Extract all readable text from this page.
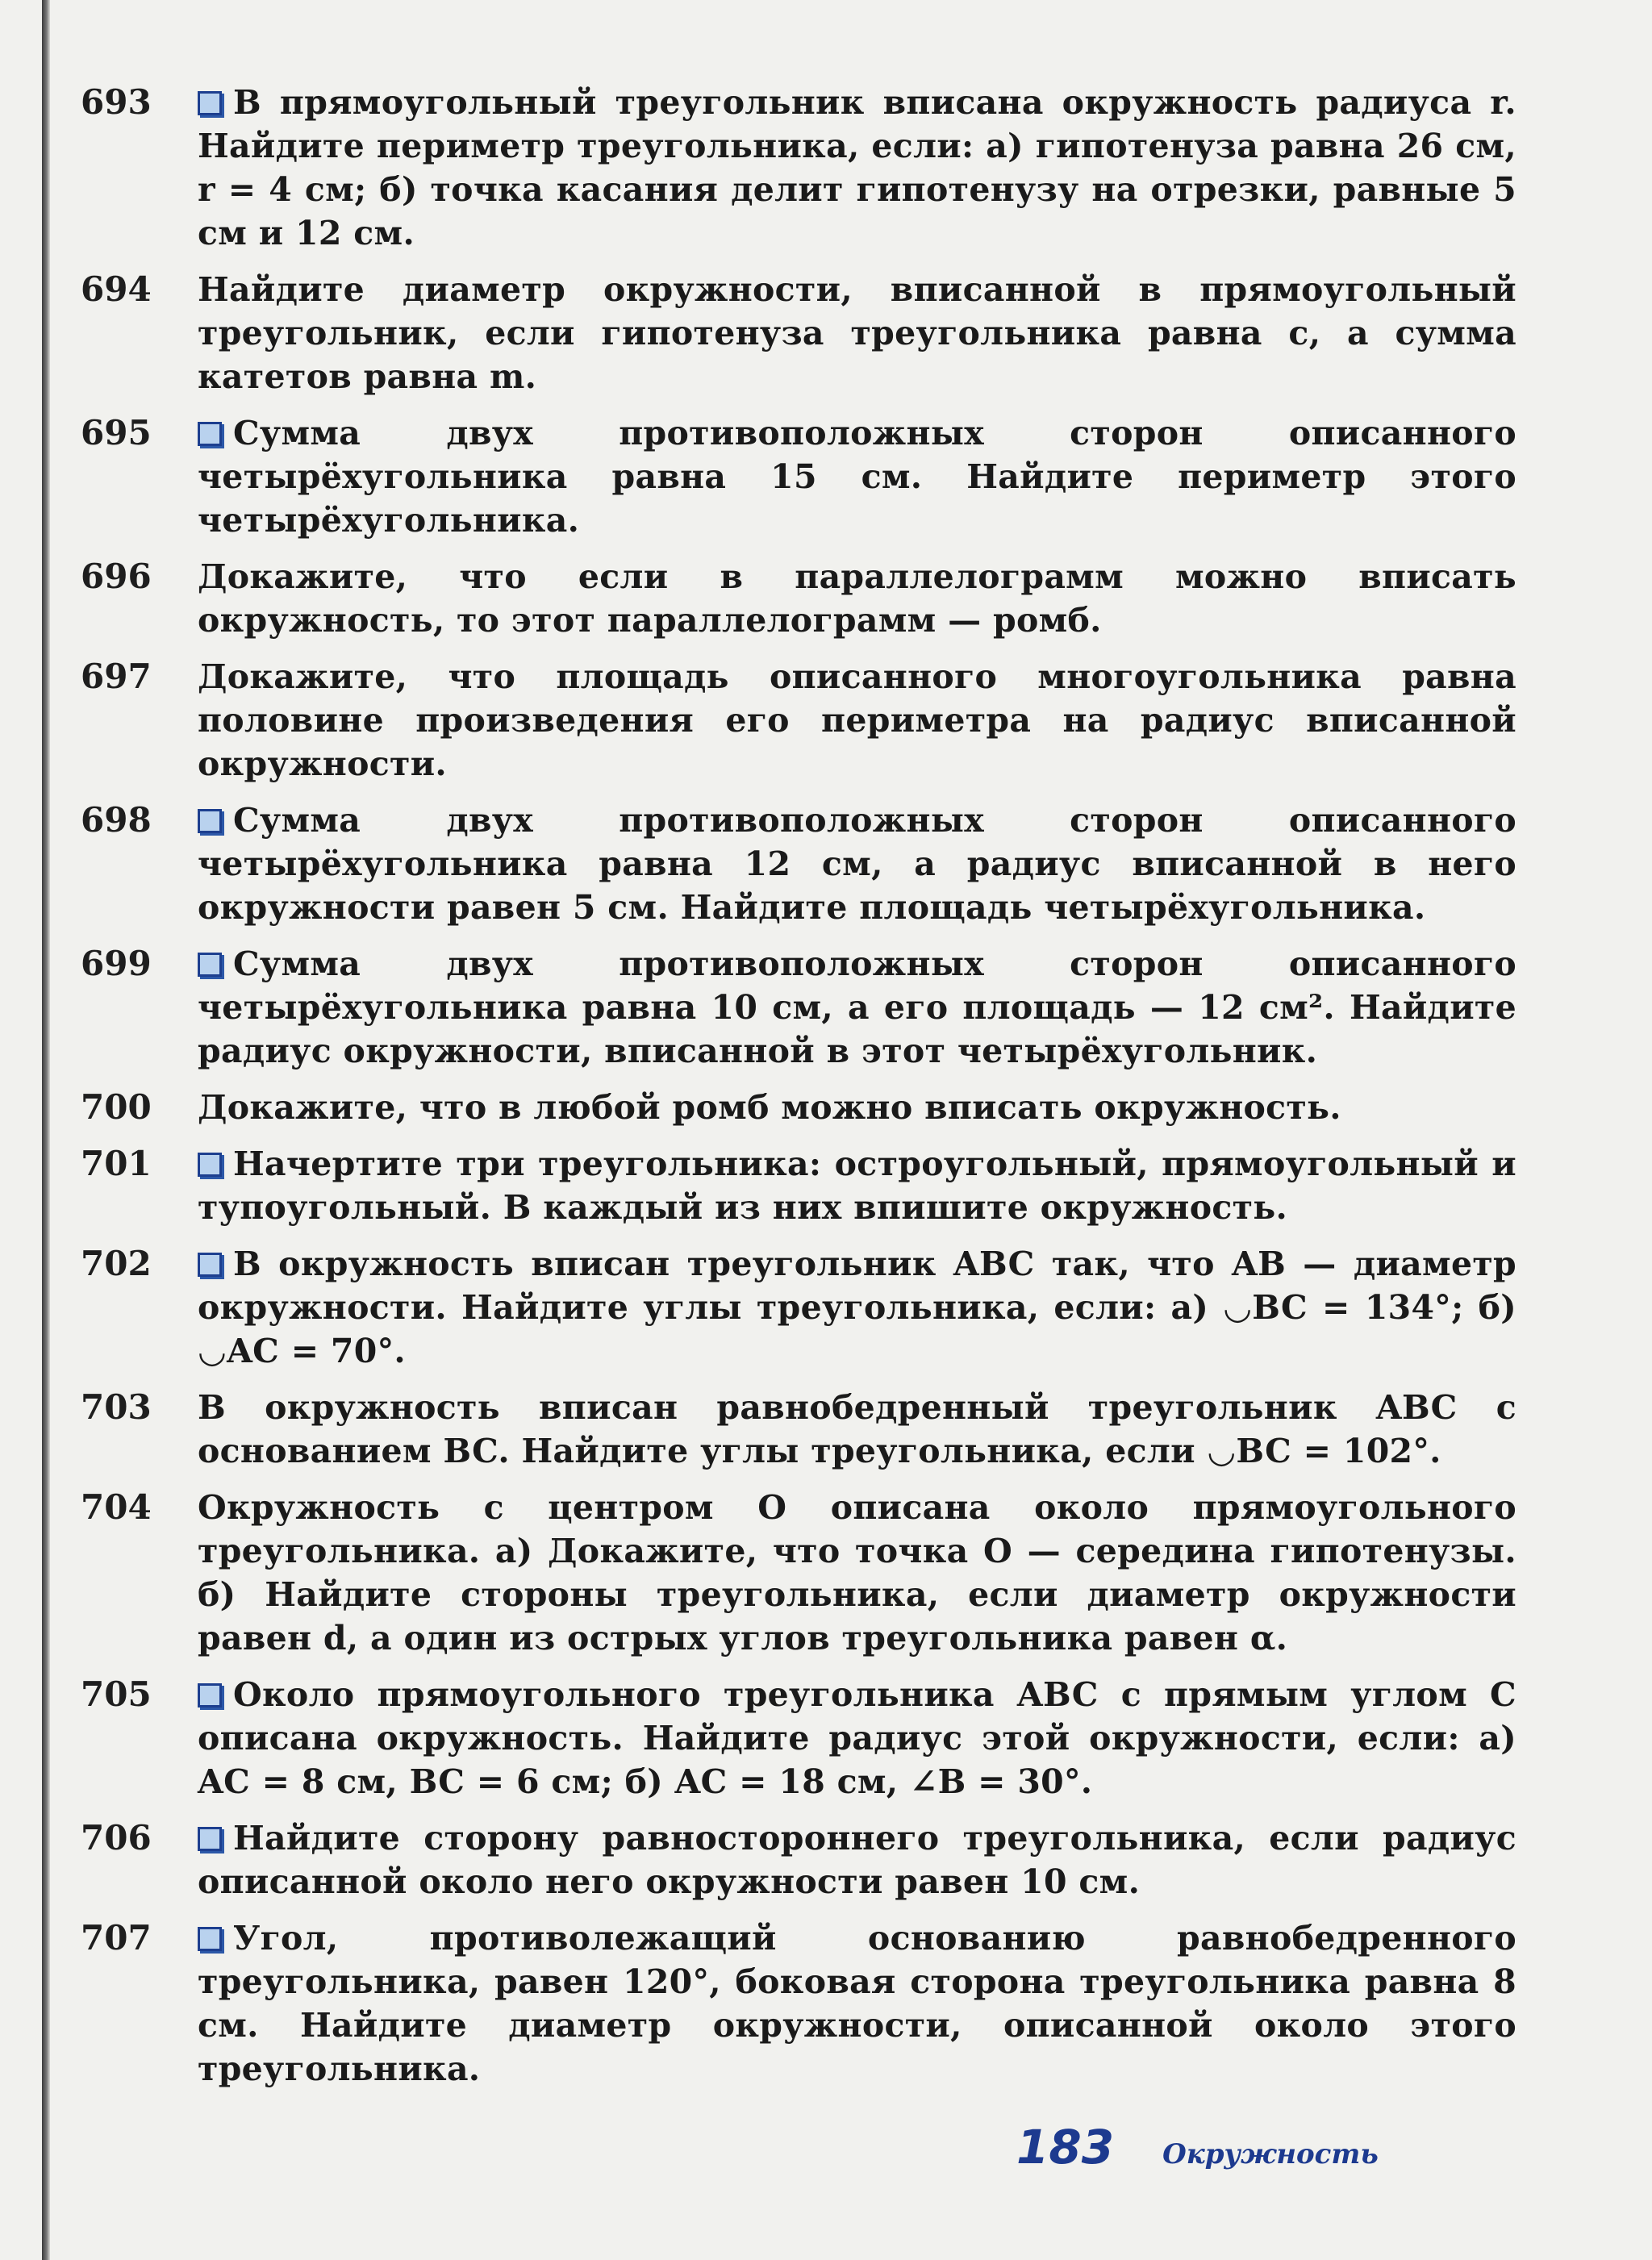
693	В прямоугольный треугольник вписана окружность радиуса r. Найдите периметр треугольника, если: а) гипотенуза равна 26 см, r = 4 см; б) точка касания делит гипотенузу на отрезки, равные 5 см и 12 см.
694	Найдите диаметр окружности, вписанной в прямоугольный треугольник, если гипотенуза треугольника равна c, а сумма катетов равна m.
695	Сумма двух противоположных сторон описанного четырёхугольника равна 15 см. Найдите периметр этого четырёхугольника.
696	Докажите, что если в параллелограмм можно вписать окружность, то этот параллелограмм — ромб.
697	Докажите, что площадь описанного многоугольника равна половине произведения его периметра на радиус вписанной окружности.
698	Сумма двух противоположных сторон описанного четырёхугольника равна 12 см, а радиус вписанной в него окружности равен 5 см. Найдите площадь четырёхугольника.
699	Сумма двух противоположных сторон описанного четырёхугольника равна 10 см, а его площадь — 12 см². Найдите радиус окружности, вписанной в этот четырёхугольник.
700	Докажите, что в любой ромб можно вписать окружность.
701	Начертите три треугольника: остроугольный, прямоугольный и тупоугольный. В каждый из них впишите окружность.
702	В окружность вписан треугольник ABC так, что AB — диаметр окружности. Найдите углы треугольника, если: а) ◡BC = 134°; б) ◡AC = 70°.
703	В окружность вписан равнобедренный треугольник ABC с основанием BC. Найдите углы треугольника, если ◡BC = 102°.
704	Окружность с центром O описана около прямоугольного треугольника. а) Докажите, что точка O — середина гипотенузы. б) Найдите стороны треугольника, если диаметр окружности равен d, а один из острых углов треугольника равен α.
705	Около прямоугольного треугольника ABC с прямым углом C описана окружность. Найдите радиус этой окружности, если: а) AC = 8 см, BC = 6 см; б) AC = 18 см, ∠B = 30°.
706	Найдите сторону равностороннего треугольника, если радиус описанной около него окружности равен 10 см.
707	Угол, противолежащий основанию равнобедренного треугольника, равен 120°, боковая сторона треугольника равна 8 см. Найдите диаметр окружности, описанной около этого треугольника.
183 Окружность
